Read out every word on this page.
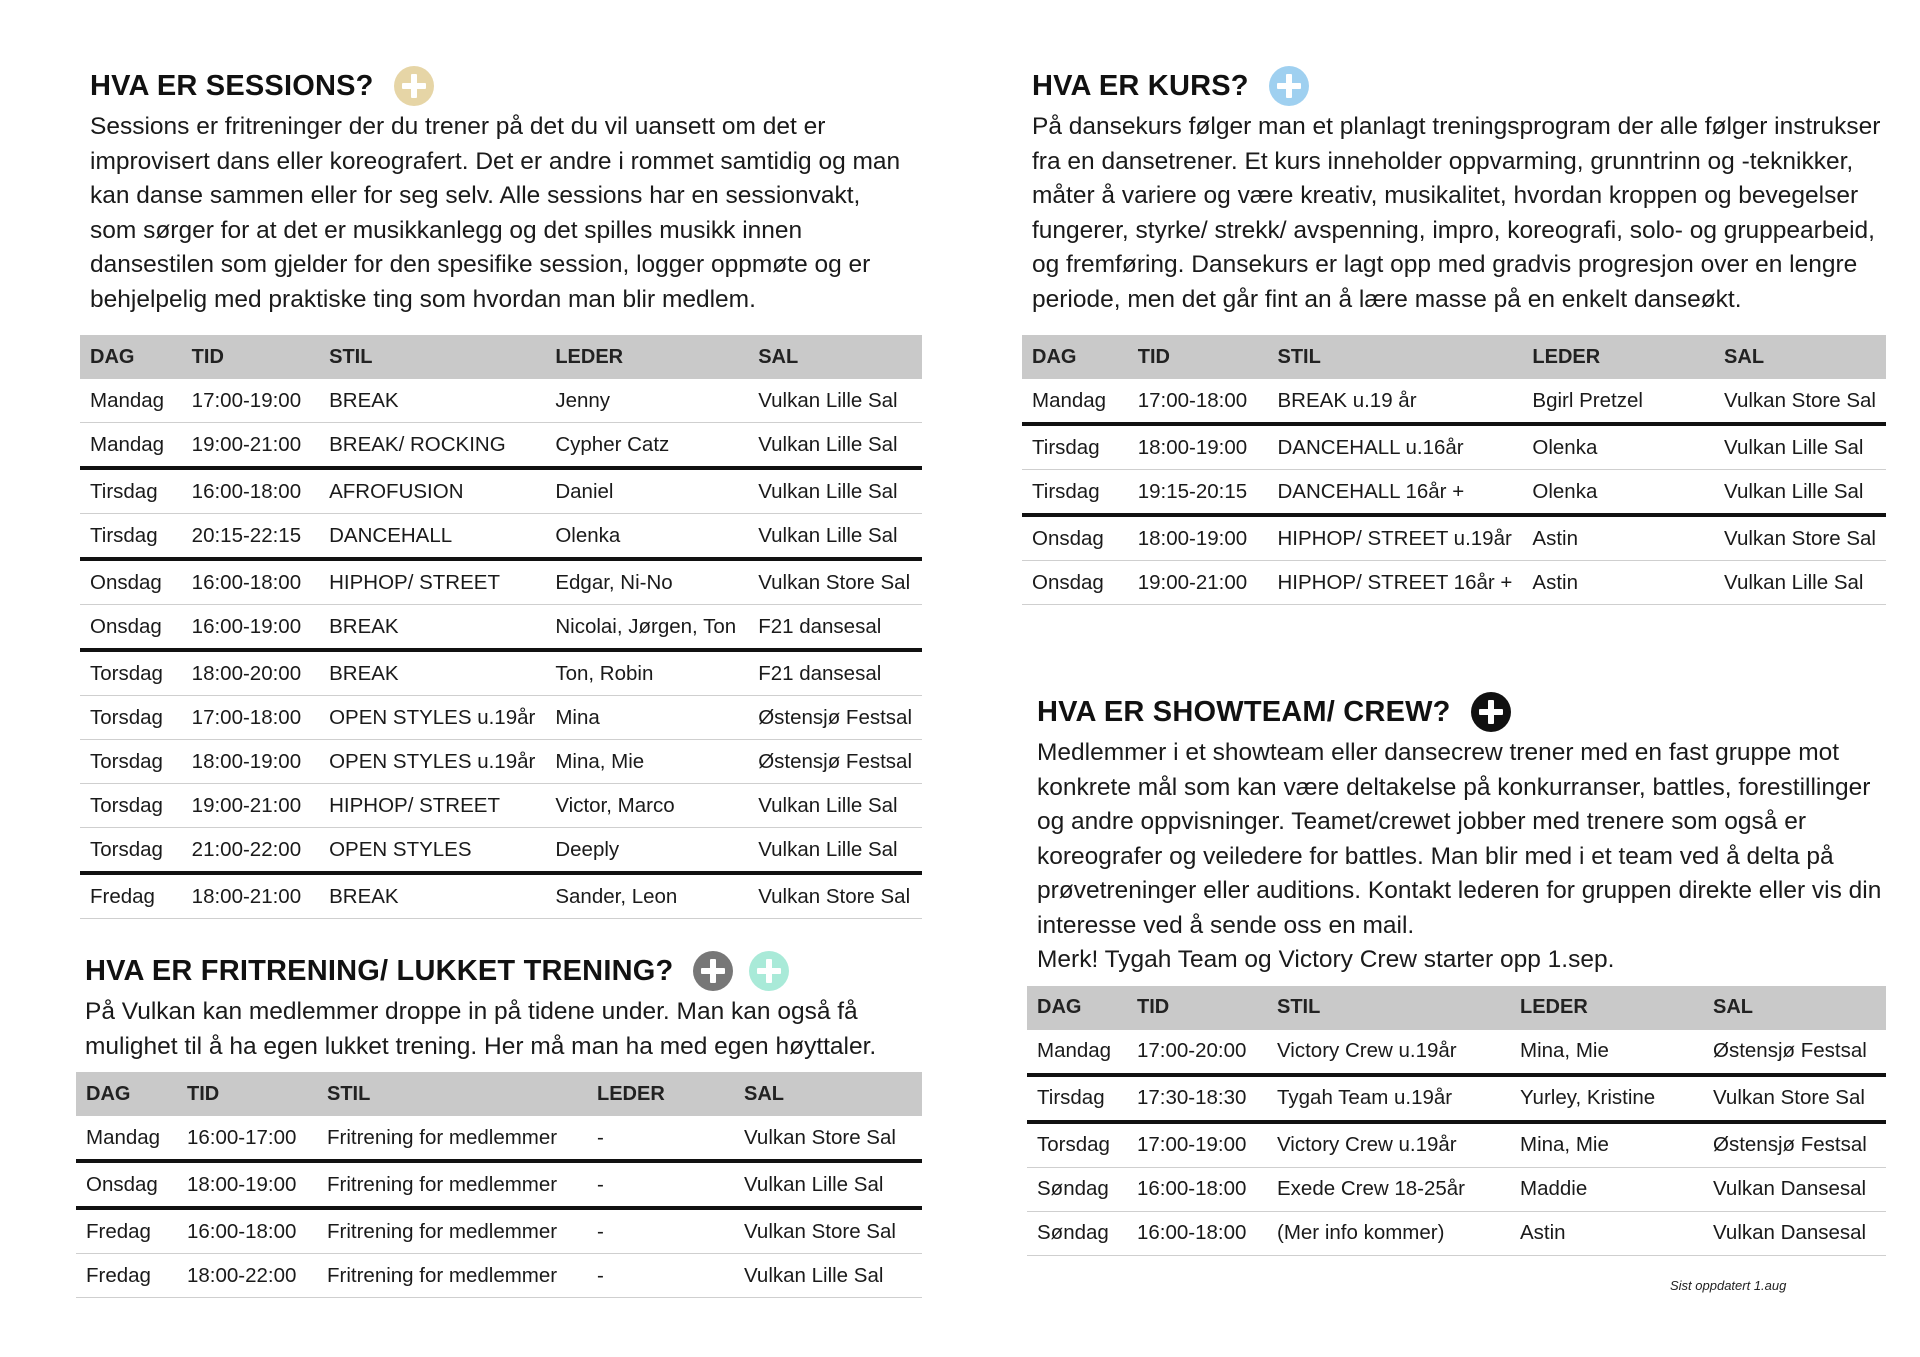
HVA ER SESSIONS?

Sessions er fritreninger der du trener på det du vil uansett om det er improvisert dans eller koreografert. Det er andre i rommet samtidig og man kan danse sammen eller for seg selv. Alle sessions har en sessionvakt, som sørger for at det er musikkanlegg og det spilles musikk innen dansestilen som gjelder for den spesifike session, logger oppmøte og er behjelpelig med praktiske ting som hvordan man blir medlem.

DAG	TID	STIL	LEDER	SAL
Mandag	17:00-19:00	BREAK	Jenny	Vulkan Lille Sal
Mandag	19:00-21:00	BREAK/ ROCKING	Cypher Catz	Vulkan Lille Sal
Tirsdag	16:00-18:00	AFROFUSION	Daniel	Vulkan Lille Sal
Tirsdag	20:15-22:15	DANCEHALL	Olenka	Vulkan Lille Sal
Onsdag	16:00-18:00	HIPHOP/ STREET	Edgar, Ni-No	Vulkan Store Sal
Onsdag	16:00-19:00	BREAK	Nicolai, Jørgen, Ton	F21 dansesal
Torsdag	18:00-20:00	BREAK	Ton, Robin	F21 dansesal
Torsdag	17:00-18:00	OPEN STYLES u.19år	Mina	Østensjø Festsal
Torsdag	18:00-19:00	OPEN STYLES u.19år	Mina, Mie	Østensjø Festsal
Torsdag	19:00-21:00	HIPHOP/ STREET	Victor, Marco	Vulkan Lille Sal
Torsdag	21:00-22:00	OPEN STYLES	Deeply	Vulkan Lille Sal
Fredag	18:00-21:00	BREAK	Sander, Leon	Vulkan Store Sal
HVA ER FRITRENING/ LUKKET TRENING?

På Vulkan kan medlemmer droppe in på tidene under. Man kan også få mulighet til å ha egen lukket trening. Her må man ha med egen høyttaler.

DAG	TID	STIL	LEDER	SAL
Mandag	16:00-17:00	Fritrening for medlemmer	-	Vulkan Store Sal
Onsdag	18:00-19:00	Fritrening for medlemmer	-	Vulkan Lille Sal
Fredag	16:00-18:00	Fritrening for medlemmer	-	Vulkan Store Sal
Fredag	18:00-22:00	Fritrening for medlemmer	-	Vulkan Lille Sal
HVA ER KURS?

På dansekurs følger man et planlagt treningsprogram der alle følger instrukser fra en dansetrener. Et kurs inneholder oppvarming, grunntrinn og -teknikker, måter å variere og være kreativ, musikalitet, hvordan kroppen og bevegelser fungerer, styrke/ strekk/ avspenning, impro, koreografi, solo- og gruppearbeid, og fremføring. Dansekurs er lagt opp med gradvis progresjon over en lengre periode, men det går fint an å lære masse på en enkelt danseøkt.

DAG	TID	STIL	LEDER	SAL
Mandag	17:00-18:00	BREAK u.19 år	Bgirl Pretzel	Vulkan Store Sal
Tirsdag	18:00-19:00	DANCEHALL u.16år	Olenka	Vulkan Lille Sal
Tirsdag	19:15-20:15	DANCEHALL 16år +	Olenka	Vulkan Lille Sal
Onsdag	18:00-19:00	HIPHOP/ STREET u.19år	Astin	Vulkan Store Sal
Onsdag	19:00-21:00	HIPHOP/ STREET 16år +	Astin	Vulkan Lille Sal
HVA ER SHOWTEAM/ CREW?

Medlemmer i et showteam eller dansecrew trener med en fast gruppe mot konkrete mål som kan være deltakelse på konkurranser, battles, forestillinger og andre oppvisninger. Teamet/crewet jobber med trenere som også er koreografer og veiledere for battles. Man blir med i et team ved å delta på prøvetreninger eller auditions. Kontakt lederen for gruppen direkte eller vis din interesse ved å sende oss en mail.

Merk! Tygah Team og Victory Crew starter opp 1.sep.

DAG	TID	STIL	LEDER	SAL
Mandag	17:00-20:00	Victory Crew u.19år	Mina, Mie	Østensjø Festsal
Tirsdag	17:30-18:30	Tygah Team u.19år	Yurley, Kristine	Vulkan Store Sal
Torsdag	17:00-19:00	Victory Crew u.19år	Mina, Mie	Østensjø Festsal
Søndag	16:00-18:00	Exede Crew 18-25år	Maddie	Vulkan Dansesal
Søndag	16:00-18:00	(Mer info kommer)	Astin	Vulkan Dansesal
Sist oppdatert 1.aug
